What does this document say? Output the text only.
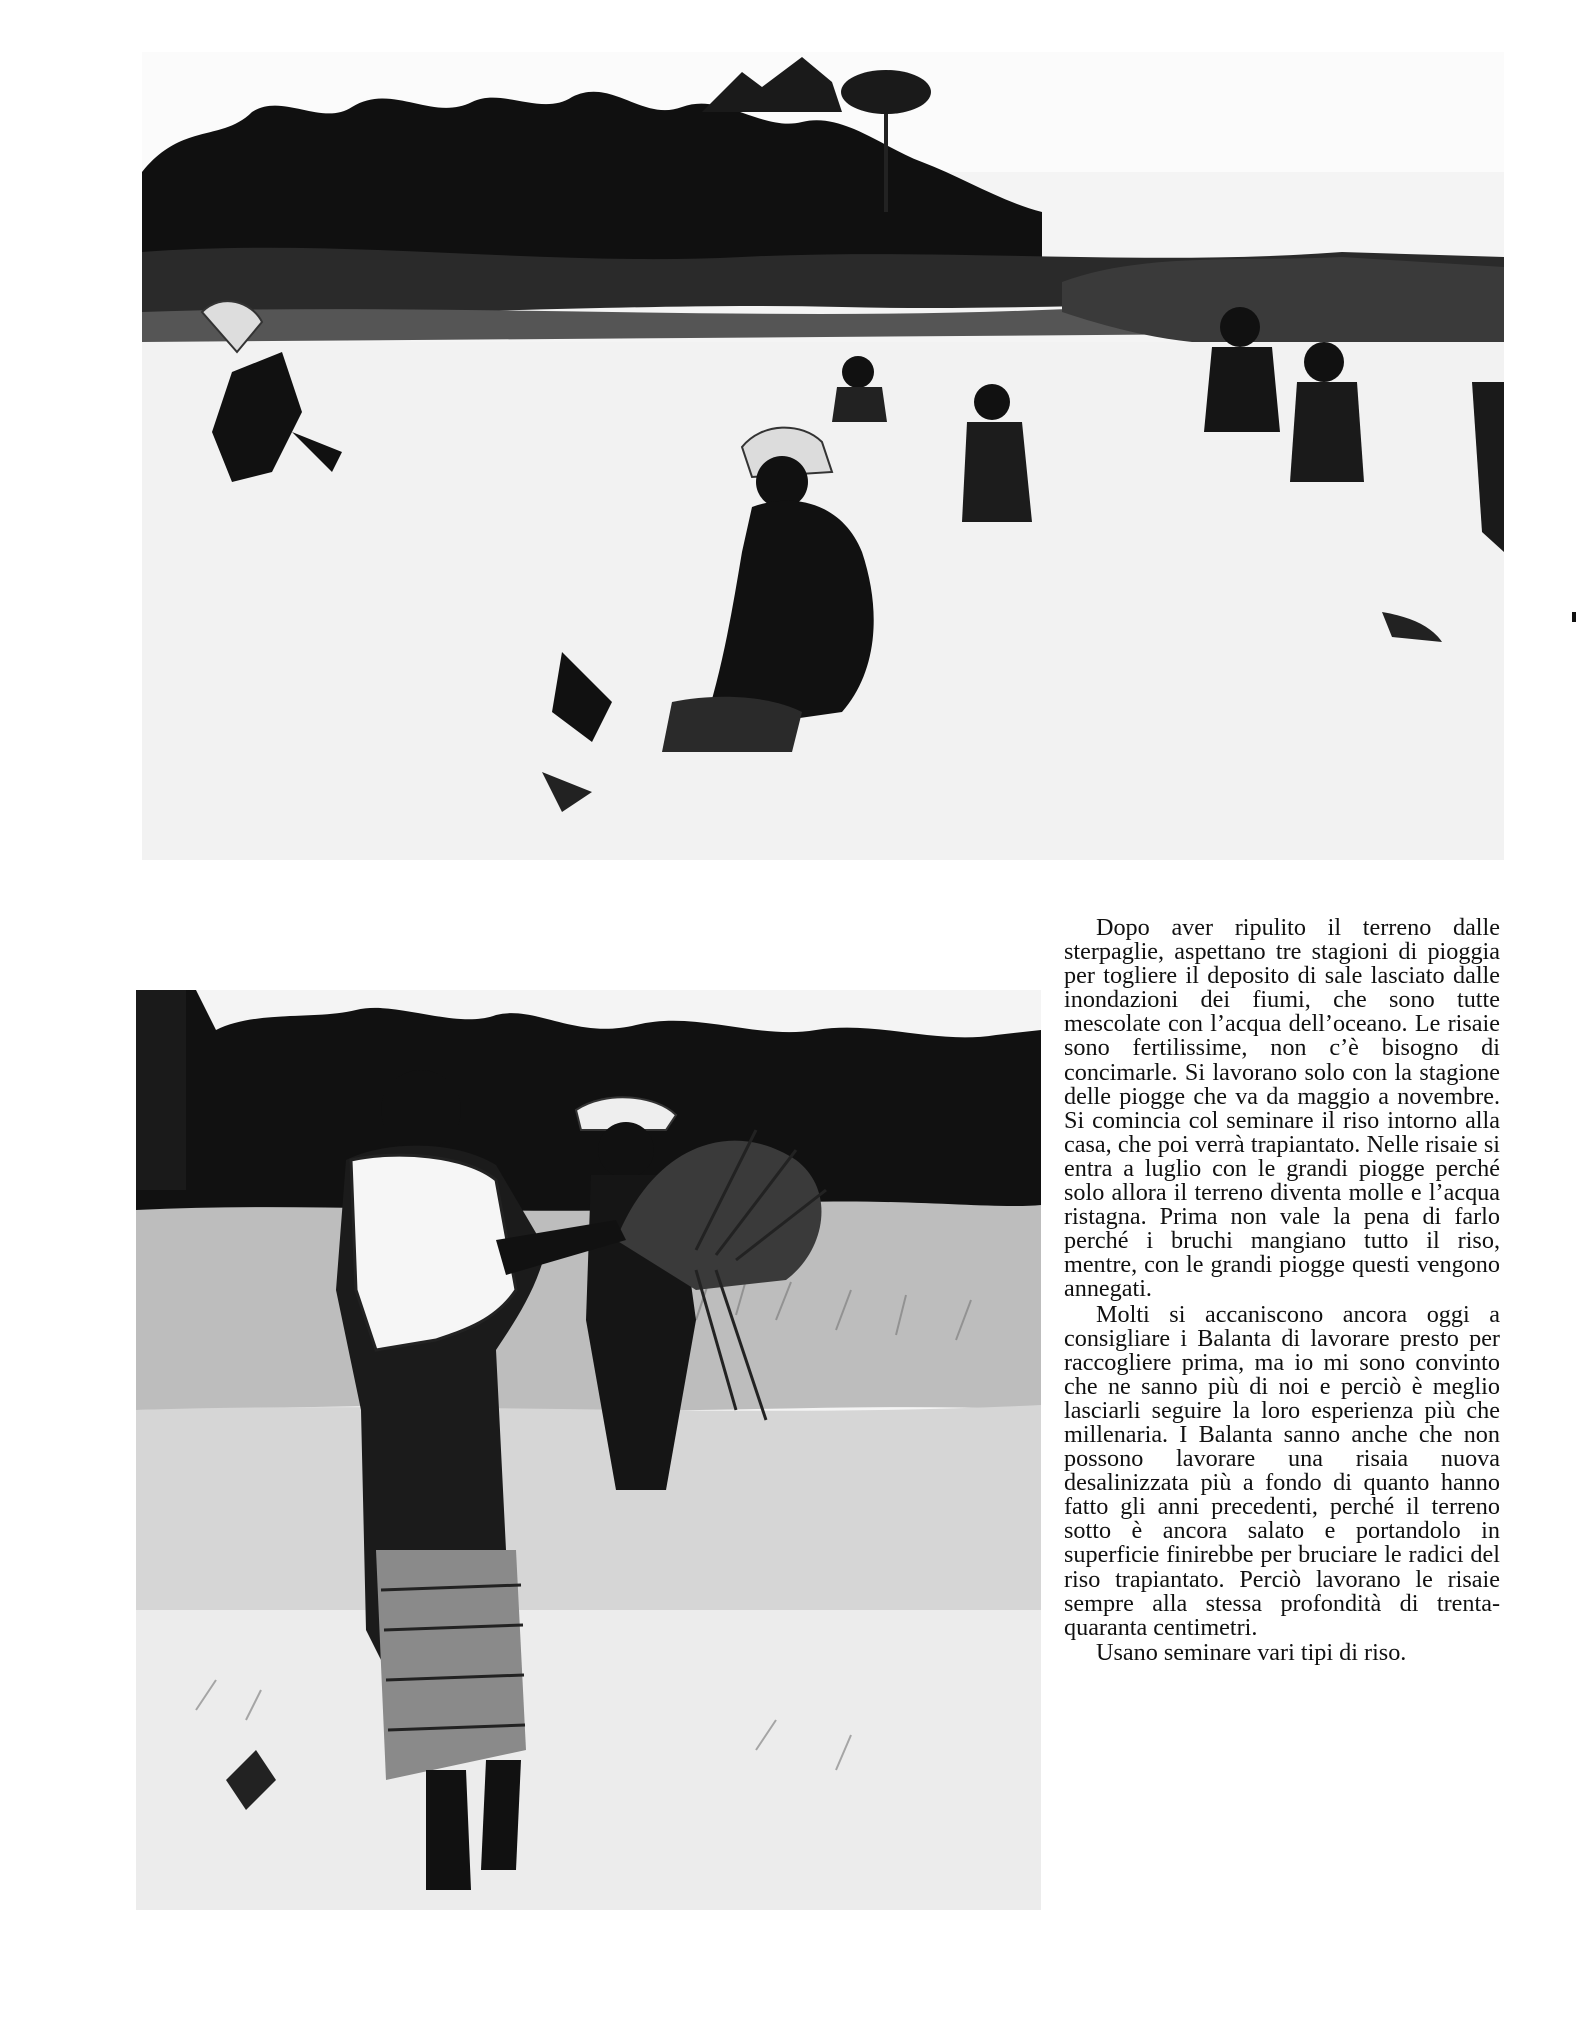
Dopo aver ripulito il terreno dalle sterpaglie, aspettano tre stagioni di pioggia per togliere il deposito di sale lasciato dalle inondazioni dei fiumi, che sono tutte mescolate con l’acqua dell’oceano. Le risaie sono fertilissime, non c’è bisogno di concimarle. Si lavorano solo con la stagione delle piogge che va da maggio a novembre. Si comincia col seminare il riso intorno alla casa, che poi verrà trapiantato. Nelle risaie si entra a luglio con le grandi piogge perché solo allora il terreno diventa molle e l’acqua ristagna. Prima non vale la pena di farlo perché i bruchi mangiano tutto il riso, mentre, con le grandi piogge questi vengono annegati.

Molti si accaniscono ancora oggi a consigliare i Balanta di lavorare presto per raccogliere prima, ma io mi sono convinto che ne sanno più di noi e perciò è meglio lasciarli seguire la loro esperienza più che millenaria. I Balanta sanno anche che non possono lavorare una risaia nuova desalinizzata più a fondo di quanto hanno fatto gli anni precedenti, perché il terreno sotto è ancora salato e portandolo in superficie finirebbe per bruciare le radici del riso trapiantato. Perciò lavorano le risaie sempre alla stessa profondità di trenta-quaranta centimetri.

Usano seminare vari tipi di riso.
